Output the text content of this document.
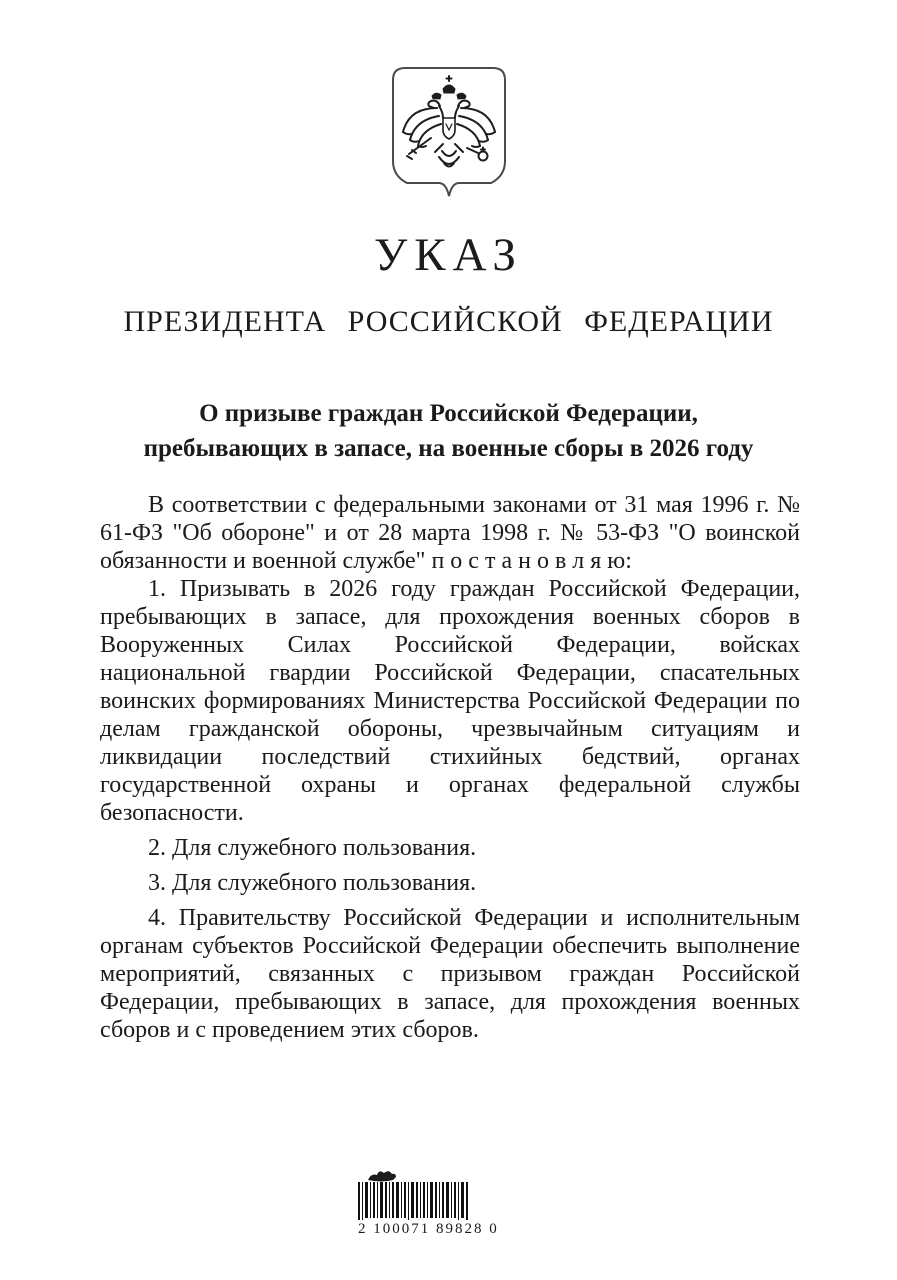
УКАЗ
ПРЕЗИДЕНТА РОССИЙСКОЙ ФЕДЕРАЦИИ
О призыве граждан Российской Федерации,
пребывающих в запасе, на военные сборы в 2026 году

В соответствии с федеральными законами от 31 мая 1996 г. № 61-ФЗ "Об обороне" и от 28 марта 1998 г. № 53-ФЗ "О воинской обязанности и военной службе" п о с т а н о в л я ю:

1. Призывать в 2026 году граждан Российской Федерации, пребывающих в запасе, для прохождения военных сборов в Вооруженных Силах Российской Федерации, войсках национальной гвардии Российской Федерации, спасательных воинских формированиях Министерства Российской Федерации по делам гражданской обороны, чрезвычайным ситуациям и ликвидации последствий стихийных бедствий, органах государственной охраны и органах федеральной службы безопасности.

2. Для служебного пользования.

3. Для служебного пользования.

4. Правительству Российской Федерации и исполнительным органам субъектов Российской Федерации обеспечить выполнение мероприятий, связанных с призывом граждан Российской Федерации, пребывающих в запасе, для прохождения военных сборов и с проведением этих сборов.

2 100071 89828 0
